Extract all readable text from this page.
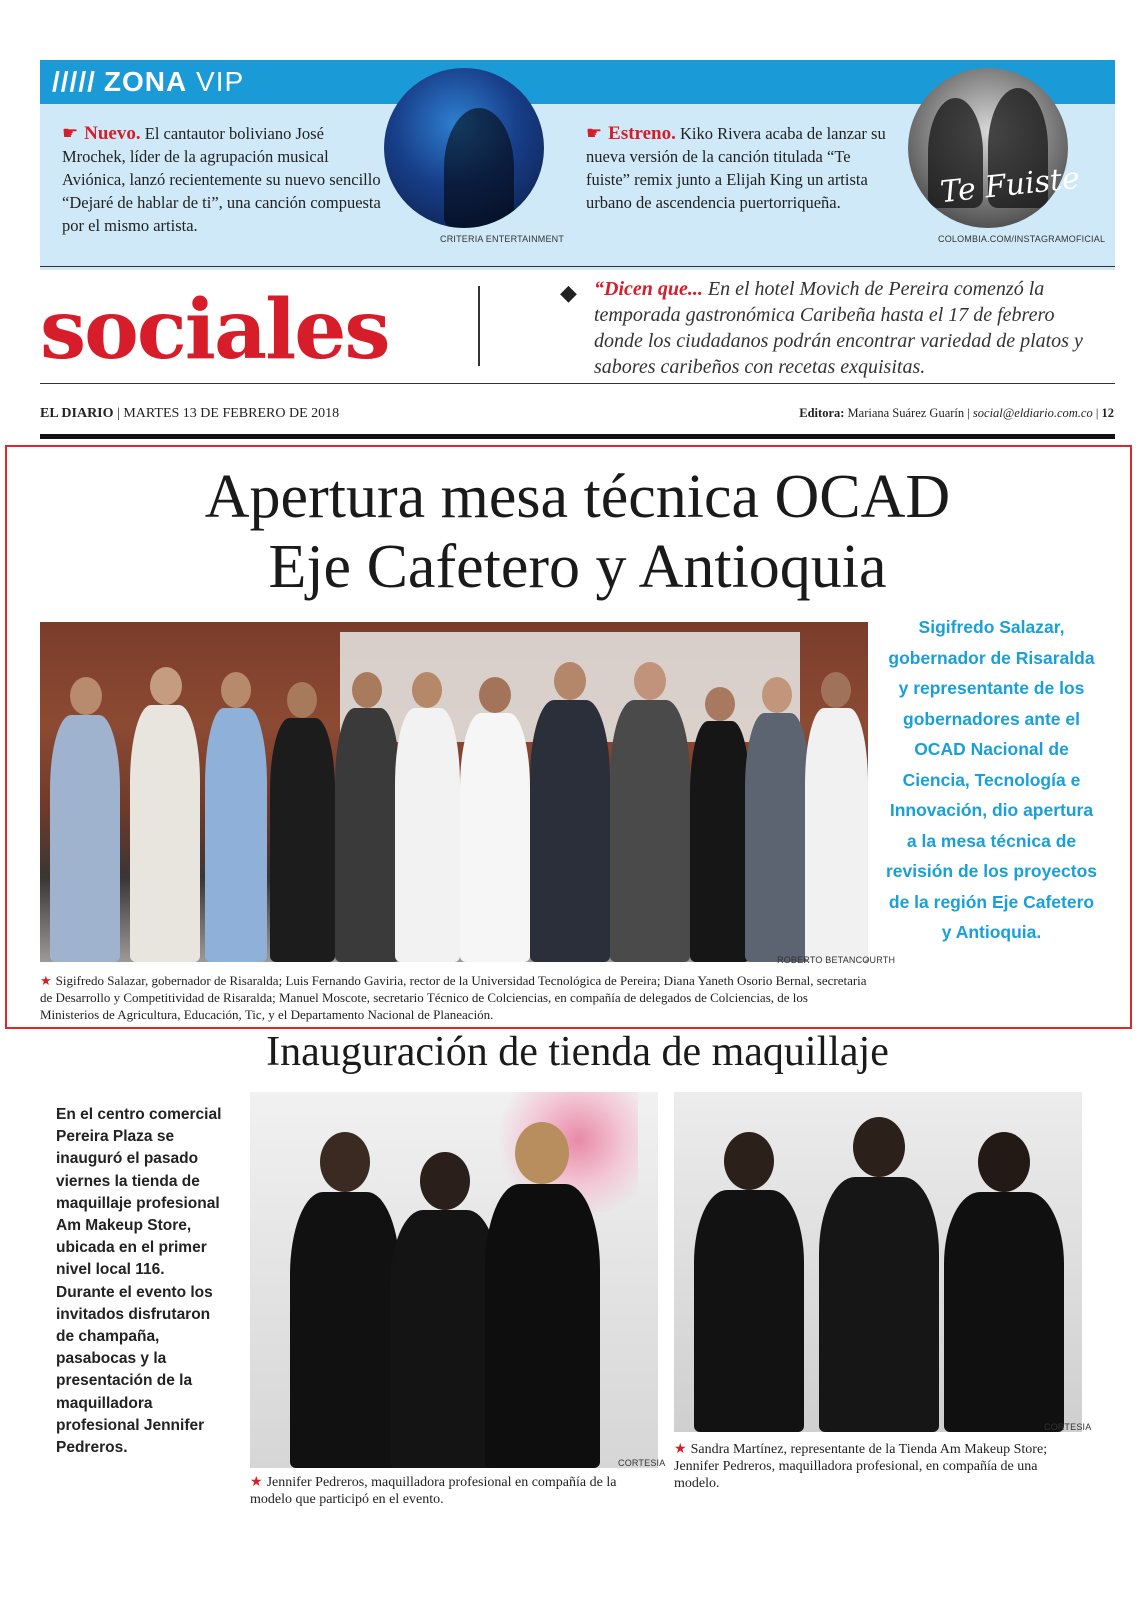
///// ZONA VIP
☛ Nuevo. El cantautor boliviano José Mrochek, líder de la agrupación musical Aviónica, lanzó recientemente su nuevo sencillo “Dejaré de hablar de ti”, una canción compuesta por el mismo artista.
CRITERIA ENTERTAINMENT
☛ Estreno. Kiko Rivera acaba de lanzar su nueva versión de la canción titulada “Te fuiste” remix junto a Elijah King un artista urbano de ascendencia puertorriqueña.	Te Fuiste
COLOMBIA.COM/INSTAGRAMOFICIAL
sociales	◆ “Dicen que... En el hotel Movich de Pereira comenzó la temporada gastronómica Caribeña hasta el 17 de febrero donde los ciudadanos podrán encontrar variedad de platos y sabores caribeños con recetas exquisitas.
EL DIARIO | MARTES 13 DE FEBRERO DE 2018	Editora: Mariana Suárez Guarín | social@eldiario.com.co | 12
Apertura mesa técnica OCAD
Eje Cafetero y Antioquia
ROBERTO BETANCOURTH
Sigifredo Salazar, gobernador de Risaralda y representante de los gobernadores ante el OCAD Nacional de Ciencia, Tecnología e Innovación, dio apertura a la mesa técnica de revisión de los proyectos de la región Eje Cafetero y Antioquia.
★ Sigifredo Salazar, gobernador de Risaralda; Luis Fernando Gaviria, rector de la Universidad Tecnológica de Pereira; Diana Yaneth Osorio Bernal, secretaria de Desarrollo y Competitividad de Risaralda; Manuel Moscote, secretario Técnico de Colciencias, en compañía de delegados de Colciencias, de los Ministerios de Agricultura, Educación, Tic, y el Departamento Nacional de Planeación.
Inauguración de tienda de maquillaje
En el centro comercial Pereira Plaza se inauguró el pasado viernes la tienda de maquillaje profesional Am Makeup Store, ubicada en el primer nivel local 116. Durante el evento los invitados disfrutaron de champaña, pasabocas y la presentación de la maquilladora profesional Jennifer Pedreros.
CORTESIA
★ Jennifer Pedreros, maquilladora profesional en compañía de la modelo que participó en el evento.
CORTESIA
★ Sandra Martínez, representante de la Tienda Am Makeup Store; Jennifer Pedreros, maquilladora profesional, en compañía de una modelo.
